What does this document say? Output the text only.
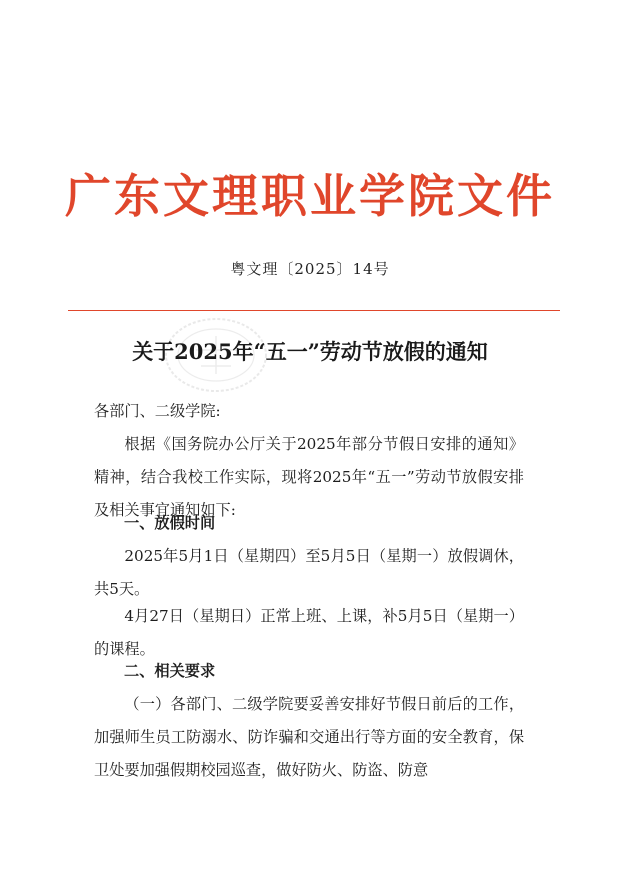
广东文理职业学院文件
粤文理〔2025〕14号
关于2025年“五一”劳动节放假的通知
各部门、二级学院:

根据《国务院办公厅关于2025年部分节假日安排的通知》精神，结合我校工作实际，现将2025年“五一”劳动节放假安排及相关事宜通知如下:

一、放假时间

2025年5月1日（星期四）至5月5日（星期一）放假调休，共5天。

4月27日（星期日）正常上班、上课，补5月5日（星期一）的课程。

二、相关要求

（一）各部门、二级学院要妥善安排好节假日前后的工作，加强师生员工防溺水、防诈骗和交通出行等方面的安全教育，保卫处要加强假期校园巡查，做好防火、防盗、防意
